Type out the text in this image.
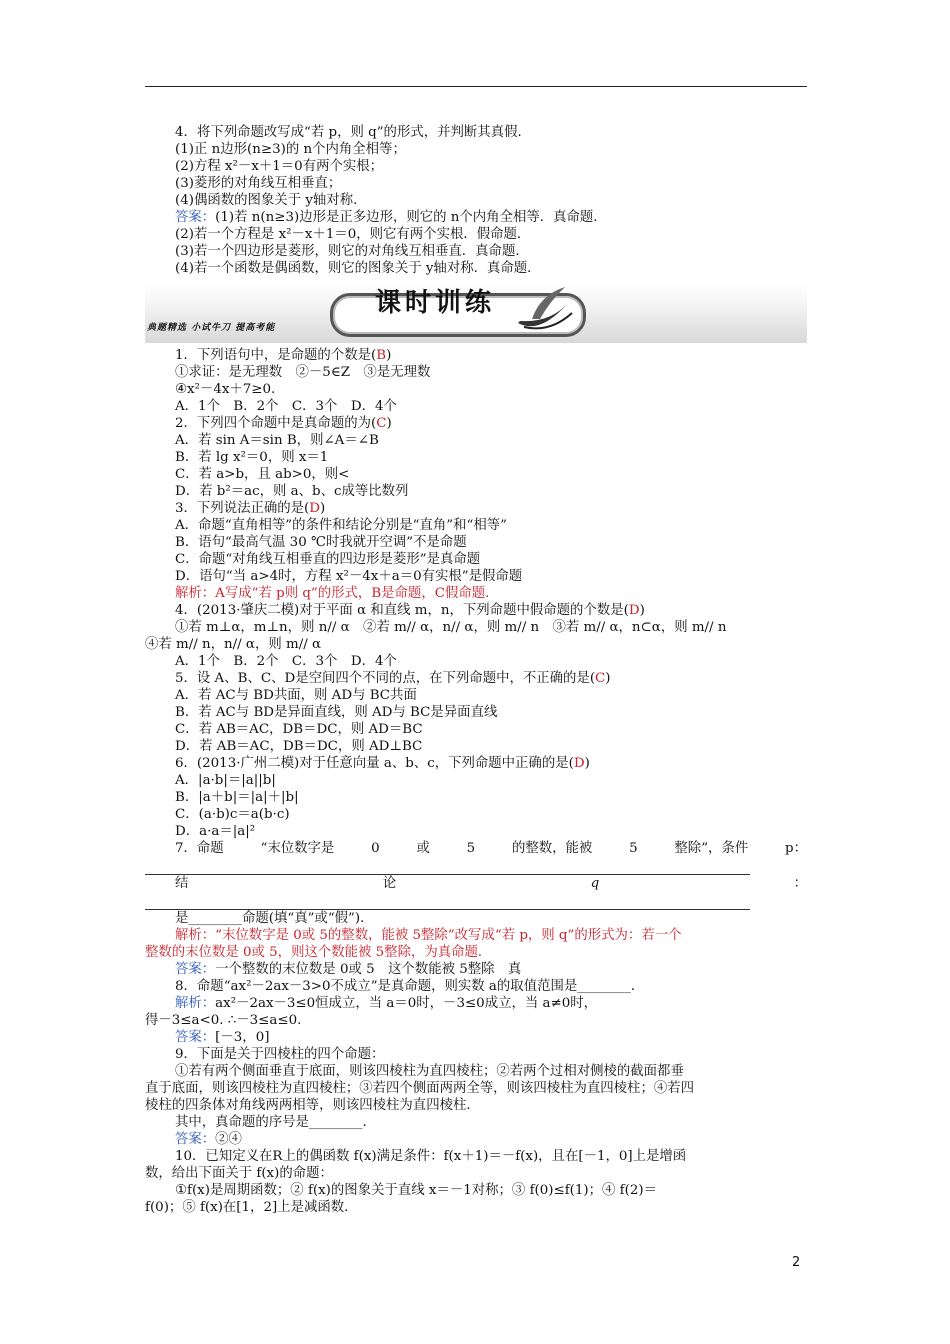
4．将下列命题改写成“若 p，则 q”的形式，并判断其真假．
(1)正 n边形(n≥3)的 n个内角全相等；
(2)方程 x²－x＋1＝0有两个实根；
(3)菱形的对角线互相垂直；
(4)偶函数的图象关于 y轴对称．
答案：(1)若 n(n≥3)边形是正多边形，则它的 n个内角全相等．真命题．
(2)若一个方程是 x²－x＋1＝0，则它有两个实根．假命题．
(3)若一个四边形是菱形，则它的对角线互相垂直．真命题．
(4)若一个函数是偶函数，则它的图象关于 y轴对称．真命题．
典题精选 小试牛刀 提高考能
课时训练
1．下列语句中，是命题的个数是(B)
①求证：是无理数　②－5∈Z　③是无理数
④x²－4x＋7≥0.
A．1个　B．2个　C．3个　D．4个
2．下列四个命题中是真命题的为(C)
A．若 sin A＝sin B，则∠A＝∠B
B．若 lg x²＝0，则 x＝1
C．若 a>b，且 ab>0，则<
D．若 b²＝ac，则 a、b、c成等比数列
3．下列说法正确的是(D)
A．命题“直角相等”的条件和结论分别是“直角”和“相等”
B．语句“最高气温 30 ℃时我就开空调”不是命题
C．命题“对角线互相垂直的四边形是菱形”是真命题
D．语句“当 a>4时，方程 x²－4x＋a＝0有实根”是假命题
解析：A写成“若 p则 q”的形式，B是命题，C假命题．
4．(2013·肇庆二模)对于平面 α 和直线 m，n，下列命题中假命题的个数是(D)
①若 m⊥α，m⊥n，则 n// α　②若 m// α，n// α，则 m// n　③若 m// α，n⊂α，则 m// n
④若 m// n，n// α，则 m// α
A．1个　B．2个　C．3个　D．4个
5．设 A、B、C、D是空间四个不同的点，在下列命题中，不正确的是(C)
A．若 AC与 BD共面，则 AD与 BC共面
B．若 AC与 BD是异面直线，则 AD与 BC是异面直线
C．若 AB＝AC，DB＝DC，则 AD＝BC
D．若 AB＝AC，DB＝DC，则 AD⊥BC
6．(2013·广州二模)对于任意向量 a、b、c，下列命题中正确的是(D)
A．|a·b|＝|a||b|
B．|a＋b|＝|a|＋|b|
C．(a·b)c＝a(b·c)
D．a·a＝|a|²
7．命题	“末位数字是	0	或	5	的整数，能被	5	整除”，条件	p：
结	论	q	：
是________命题(填“真”或“假”)．
解析：“末位数字是 0或 5的整数，能被 5整除”改写成“若 p，则 q”的形式为：若一个
整数的末位数是 0或 5，则这个数能被 5整除，为真命题．
答案：一个整数的末位数是 0或 5　这个数能被 5整除　真
8．命题“ax²－2ax－3>0不成立”是真命题，则实数 a的取值范围是________．
解析：ax²－2ax－3≤0恒成立，当 a＝0时，－3≤0成立，当 a≠0时，
得－3≤a<0. ∴－3≤a≤0.
答案：[－3，0]
9．下面是关于四棱柱的四个命题：
①若有两个侧面垂直于底面，则该四棱柱为直四棱柱；②若两个过相对侧棱的截面都垂
直于底面，则该四棱柱为直四棱柱；③若四个侧面两两全等，则该四棱柱为直四棱柱；④若四
棱柱的四条体对角线两两相等，则该四棱柱为直四棱柱．
其中，真命题的序号是________．
答案：②④
10．已知定义在R上的偶函数 f(x)满足条件：f(x＋1)＝－f(x)，且在[－1，0]上是增函
数，给出下面关于 f(x)的命题：
①f(x)是周期函数；② f(x)的图象关于直线 x＝－1对称；③ f(0)≤f(1)；④ f(2)＝
f(0)；⑤ f(x)在[1，2]上是减函数．
2
